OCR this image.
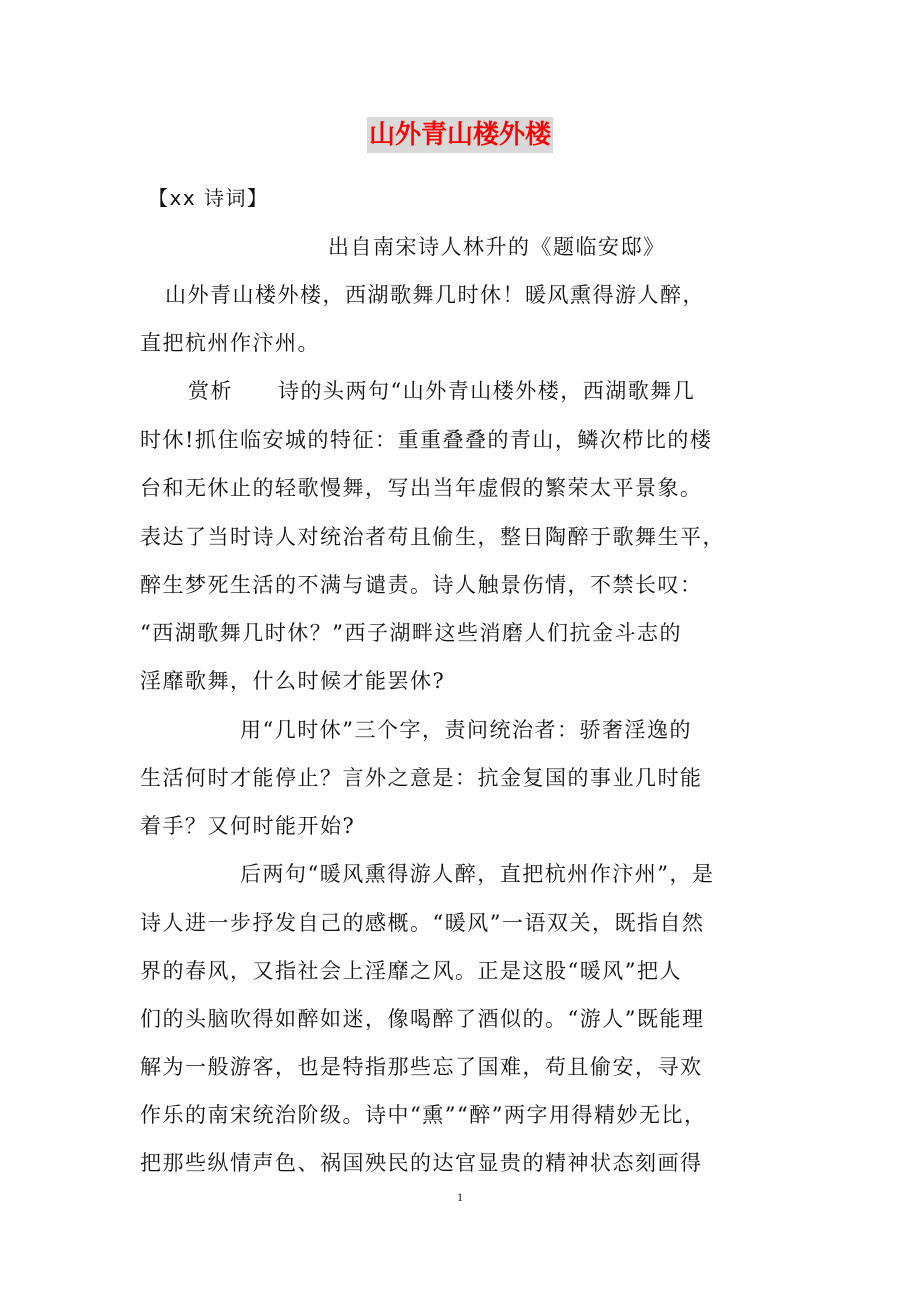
山外青山楼外楼
【xx 诗词】
出自南宋诗人林升的《题临安邸》
山外青山楼外楼，西湖歌舞几时休！暖风熏得游人醉，
直把杭州作汴州。
赏析　　诗的头两句“山外青山楼外楼，西湖歌舞几
时休!抓住临安城的特征：重重叠叠的青山，鳞次栉比的楼
台和无休止的轻歌慢舞，写出当年虚假的繁荣太平景象。
表达了当时诗人对统治者苟且偷生，整日陶醉于歌舞生平，
醉生梦死生活的不满与谴责。诗人触景伤情，不禁长叹：
“西湖歌舞几时休？”西子湖畔这些消磨人们抗金斗志的
淫靡歌舞，什么时候才能罢休?
用“几时休”三个字，责问统治者：骄奢淫逸的
生活何时才能停止？言外之意是：抗金复国的事业几时能
着手？又何时能开始?
后两句“暖风熏得游人醉，直把杭州作汴州”，是
诗人进一步抒发自己的感概。“暖风”一语双关，既指自然
界的春风，又指社会上淫靡之风。正是这股“暖风”把人
们的头脑吹得如醉如迷，像喝醉了酒似的。“游人”既能理
解为一般游客，也是特指那些忘了国难，苟且偷安，寻欢
作乐的南宋统治阶级。诗中“熏”“醉”两字用得精妙无比，
把那些纵情声色、祸国殃民的达官显贵的精神状态刻画得
1
